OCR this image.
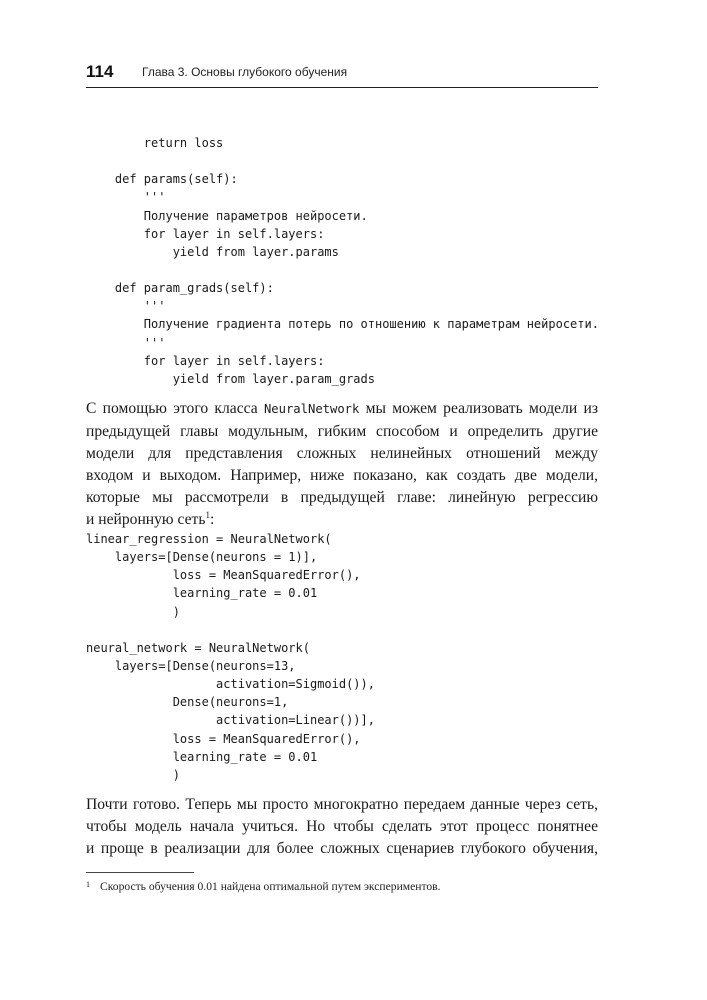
114 Глава 3. Основы глубокого обучения
return loss
def params(self):
'''
Получение параметров нейросети.
for layer in self.layers:
yield from layer.params
def param_grads(self):
'''
Получение градиента потерь по отношению к параметрам нейросети.
'''
for layer in self.layers:
yield from layer.param_grads
С помощью этого класса NeuralNetwork мы можем реализовать модели из
предыдущей главы модульным, гибким способом и определить другие
модели для представления сложных нелинейных отношений между
входом и выходом. Например, ниже показано, как создать две модели,
которые мы рассмотрели в предыдущей главе: линейную регрессию
и нейронную сеть$^1$:
linear_regression = NeuralNetwork(
layers=[Dense(neurons = 1)],
loss = MeanSquaredError(),
learning_rate = 0.01
)
neural_network = NeuralNetwork(
layers=[Dense(neurons=13,
activation=Sigmoid()),
Dense(neurons=1,
activation=Linear())],
loss = MeanSquaredError(),
learning_rate = 0.01
)
Почти готово. Теперь мы просто многократно передаем данные через сеть,
чтобы модель начала учиться. Но чтобы сделать этот процесс понятнее
и проще в реализации для более сложных сценариев глубокого обучения,
1 Скорость обучения 0.01 найдена оптимальной путем экспериментов.
